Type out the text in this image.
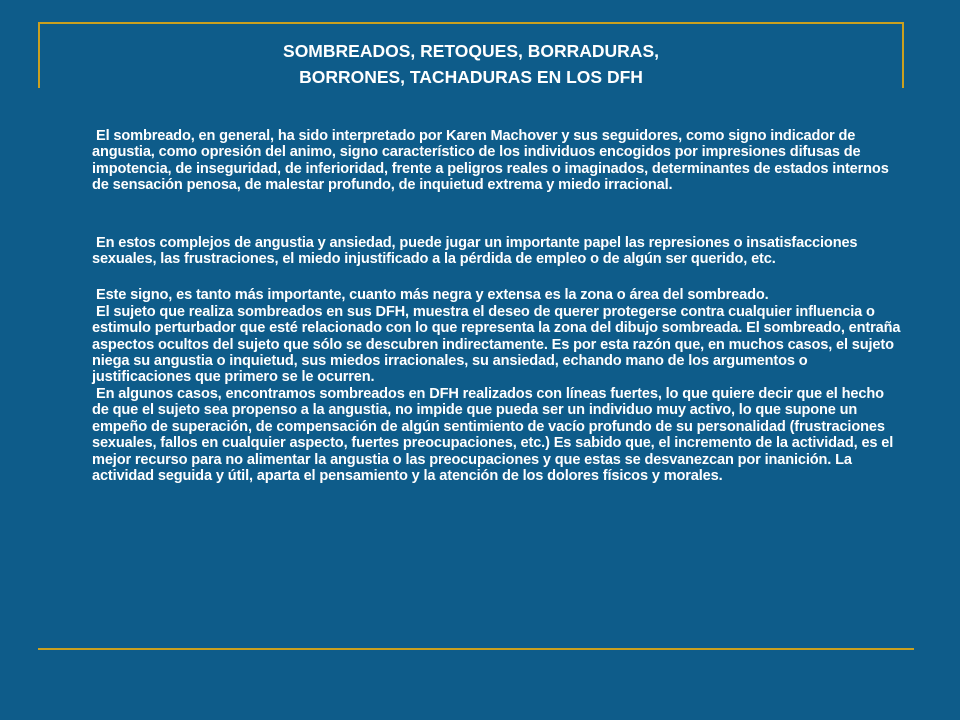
SOMBREADOS, RETOQUES, BORRADURAS,
BORRONES, TACHADURAS EN LOS DFH

El sombreado, en general, ha sido interpretado por Karen Machover y sus seguidores, como signo indicador de angustia, como opresión del animo, signo característico de los individuos encogidos por impresiones difusas de impotencia, de inseguridad, de inferioridad, frente a peligros reales o imaginados, determinantes de estados internos de sensación penosa, de malestar profundo, de inquietud extrema y miedo irracional.

En estos complejos de angustia y ansiedad, puede jugar un importante papel las represiones o insatisfacciones sexuales, las frustraciones, el miedo injustificado a la pérdida de empleo o de algún ser querido, etc.

Este signo, es tanto más importante, cuanto más negra y extensa es la zona o área del sombreado.

El sujeto que realiza sombreados en sus DFH, muestra el deseo de querer protegerse contra cualquier influencia o estimulo perturbador que esté relacionado con lo que representa la zona del dibujo sombreada. El sombreado, entraña aspectos ocultos del sujeto que sólo se descubren indirectamente. Es por esta razón que, en muchos casos, el sujeto niega su angustia o inquietud, sus miedos irracionales, su ansiedad, echando mano de los argumentos o justificaciones que primero se le ocurren.

En algunos casos, encontramos sombreados en DFH realizados con líneas fuertes, lo que quiere decir que el hecho de que el sujeto sea propenso a la angustia, no impide que pueda ser un individuo muy activo, lo que supone un empeño de superación, de compensación de algún sentimiento de vacío profundo de su personalidad (frustraciones sexuales, fallos en cualquier aspecto, fuertes preocupaciones, etc.) Es sabido que, el incremento de la actividad, es el mejor recurso para no alimentar la angustia o las preocupaciones y que estas se desvanezcan por inanición. La actividad seguida y útil, aparta el pensamiento y la atención de los dolores físicos y morales.
